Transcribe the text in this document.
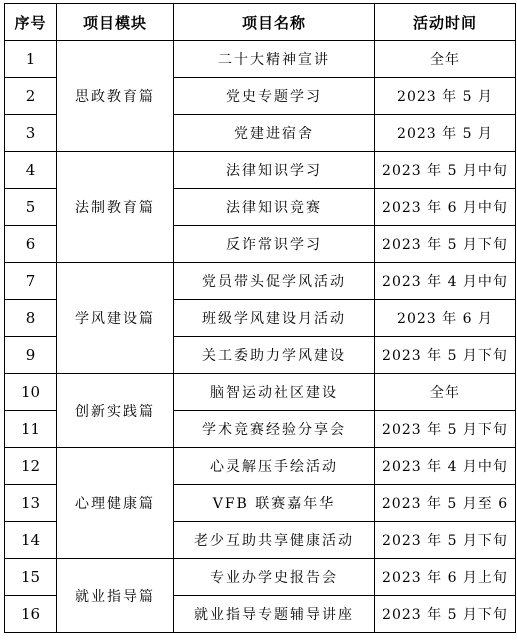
序号	项目模块	项目名称	活动时间
1	思政教育篇	二十大精神宣讲	全年
2		党史专题学习	2023 年 5 月
3		党建进宿舍	2023 年 5 月
4	法制教育篇	法律知识学习	2023 年 5 月中旬
5		法律知识竞赛	2023 年 6 月中旬
6		反诈常识学习	2023 年 5 月下旬
7	学风建设篇	党员带头促学风活动	2023 年 4 月中旬
8		班级学风建设月活动	2023 年 6 月
9		关工委助力学风建设	2023 年 5 月下旬
10	创新实践篇	脑智运动社区建设	全年
11		学术竞赛经验分享会	2023 年 5 月下旬
12	心理健康篇	心灵解压手绘活动	2023 年 4 月中旬
13		VFB 联赛嘉年华	2023 年 5 月至 6
14		老少互助共享健康活动	2023 年 5 月下旬
15	就业指导篇	专业办学史报告会	2023 年 6 月上旬
16		就业指导专题辅导讲座	2023 年 5 月下旬
